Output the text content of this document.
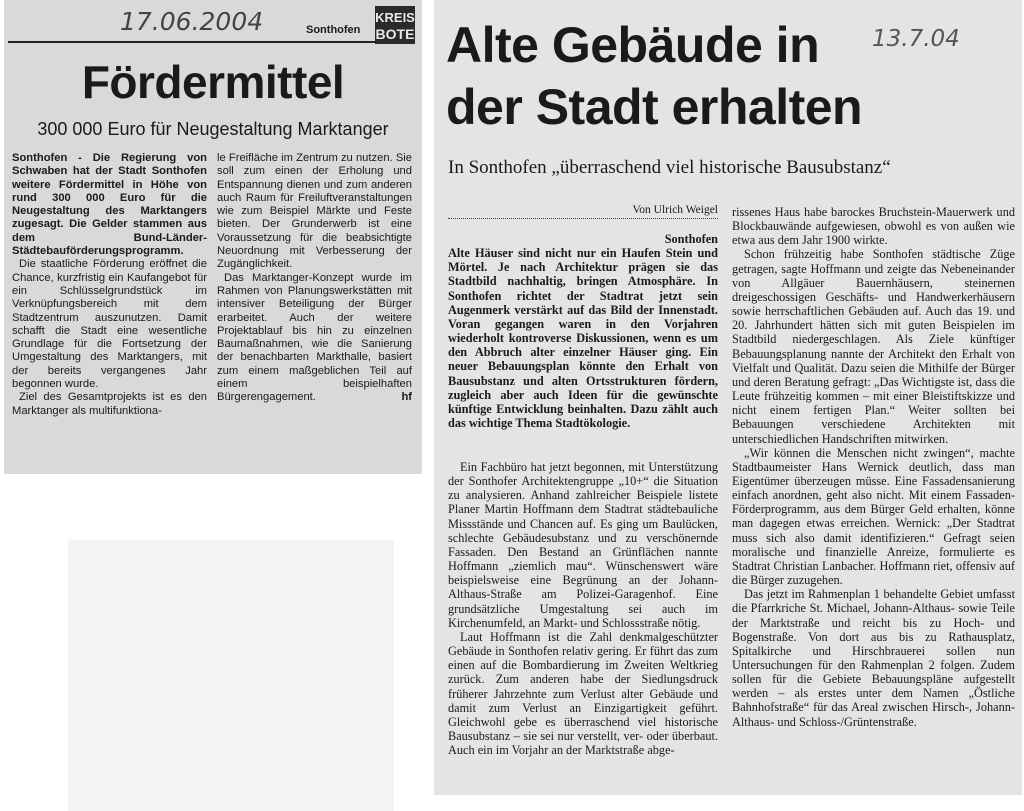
17.06.2004	Sonthofen
KREIS
BOTE
Fördermittel
300 000 Euro für Neugestaltung Marktanger

Sonthofen - Die Regierung von Schwaben hat der Stadt Sonthofen weitere Fördermittel in Höhe von rund 300 000 Euro für die Neugestaltung des Marktangers zugesagt. Die Gelder stammen aus dem Bund-Länder-Städtebauförderungsprogramm.

Die staatliche Förderung eröffnet die Chance, kurzfristig ein Kaufangebot für ein Schlüsselgrundstück im Verknüpfungsbereich mit dem Stadtzentrum auszunutzen. Damit schafft die Stadt eine wesentliche Grundlage für die Fortsetzung der Umgestaltung des Marktangers, mit der bereits vergangenes Jahr begonnen wurde.

Ziel des Gesamtprojekts ist es den Marktanger als multifunktiona-

le Freifläche im Zentrum zu nutzen. Sie soll zum einen der Erholung und Entspannung dienen und zum anderen auch Raum für Freiluftveranstaltungen wie zum Beispiel Märkte und Feste bieten. Der Grunderwerb ist eine Voraussetzung für die beabsichtigte Neuordnung mit Verbesserung der Zugänglichkeit.

Das Marktanger-Konzept wurde im Rahmen von Planungswerkstätten mit intensiver Beteiligung der Bürger erarbeitet. Auch der weitere Projektablauf bis hin zu einzelnen Baumaßnahmen, wie die Sanierung der benachbarten Markthalle, basiert zum einem maßgeblichen Teil auf einem beispielhaften Bürgerengagement.	hf

Alte Gebäude in
der Stadt erhalten
13.7.04
In Sonthofen „überraschend viel historische Bausubstanz“
Von Ulrich Weigel
Sonthofen

Alte Häuser sind nicht nur ein Haufen Stein und Mörtel. Je nach Architektur prägen sie das Stadtbild nachhaltig, bringen Atmosphäre. In Sonthofen richtet der Stadtrat jetzt sein Augenmerk verstärkt auf das Bild der Innenstadt. Voran gegangen waren in den Vorjahren wiederholt kontroverse Diskussionen, wenn es um den Abbruch alter einzelner Häuser ging. Ein neuer Bebauungsplan könnte den Erhalt von Bausubstanz und alten Ortsstrukturen fördern, zugleich aber auch Ideen für die gewünschte künftige Entwicklung beinhalten. Dazu zählt auch das wichtige Thema Stadtökologie.

Ein Fachbüro hat jetzt begonnen, mit Unterstützung der Sonthofer Architektengruppe „10+“ die Situation zu analysieren. Anhand zahlreicher Beispiele listete Planer Martin Hoffmann dem Stadtrat städtebauliche Missstände und Chancen auf. Es ging um Baulücken, schlechte Gebäudesubstanz und zu verschönernde Fassaden. Den Bestand an Grünflächen nannte Hoffmann „ziemlich mau“. Wünschenswert wäre beispielsweise eine Begrünung an der Johann-Althaus-Straße am Polizei-Garagenhof. Eine grundsätzliche Umgestaltung sei auch im Kirchenumfeld, an Markt- und Schlossstraße nötig.

Laut Hoffmann ist die Zahl denkmalgeschützter Gebäude in Sonthofen relativ gering. Er führt das zum einen auf die Bombardierung im Zweiten Weltkrieg zurück. Zum anderen habe der Siedlungsdruck früherer Jahrzehnte zum Verlust alter Gebäude und damit zum Verlust an Einzigartigkeit geführt. Gleichwohl gebe es überraschend viel historische Bausubstanz – sie sei nur verstellt, ver- oder überbaut. Auch ein im Vorjahr an der Marktstraße abge-

rissenes Haus habe barockes Bruchstein-Mauerwerk und Blockbauwände aufgewiesen, obwohl es von außen wie etwa aus dem Jahr 1900 wirkte.

Schon frühzeitig habe Sonthofen städtische Züge getragen, sagte Hoffmann und zeigte das Nebeneinander von Allgäuer Bauernhäusern, steinernen dreigeschossigen Geschäfts- und Handwerkerhäusern sowie herrschaftlichen Gebäuden auf. Auch das 19. und 20. Jahrhundert hätten sich mit guten Beispielen im Stadtbild niedergeschlagen. Als Ziele künftiger Bebauungsplanung nannte der Architekt den Erhalt von Vielfalt und Qualität. Dazu seien die Mithilfe der Bürger und deren Beratung gefragt: „Das Wichtigste ist, dass die Leute frühzeitig kommen – mit einer Bleistiftskizze und nicht einem fertigen Plan.“ Weiter sollten bei Bebauungen verschiedene Architekten mit unterschiedlichen Handschriften mitwirken.

„Wir können die Menschen nicht zwingen“, machte Stadtbaumeister Hans Wernick deutlich, dass man Eigentümer überzeugen müsse. Eine Fassadensanierung einfach anordnen, geht also nicht. Mit einem Fassaden-Förderprogramm, aus dem Bürger Geld erhalten, könne man dagegen etwas erreichen. Wernick: „Der Stadtrat muss sich also damit identifizieren.“ Gefragt seien moralische und finanzielle Anreize, formulierte es Stadtrat Christian Lanbacher. Hoffmann riet, offensiv auf die Bürger zuzugehen.

Das jetzt im Rahmenplan 1 behandelte Gebiet umfasst die Pfarrkriche St. Michael, Johann-Althaus- sowie Teile der Marktstraße und reicht bis zu Hoch- und Bogenstraße. Von dort aus bis zu Rathausplatz, Spitalkirche und Hirschbrauerei sollen nun Untersuchungen für den Rahmenplan 2 folgen. Zudem sollen für die Gebiete Bebauungspläne aufgestellt werden – als erstes unter dem Namen „Östliche Bahnhofstraße“ für das Areal zwischen Hirsch-, Johann-Althaus- und Schloss-/Grüntenstraße.
